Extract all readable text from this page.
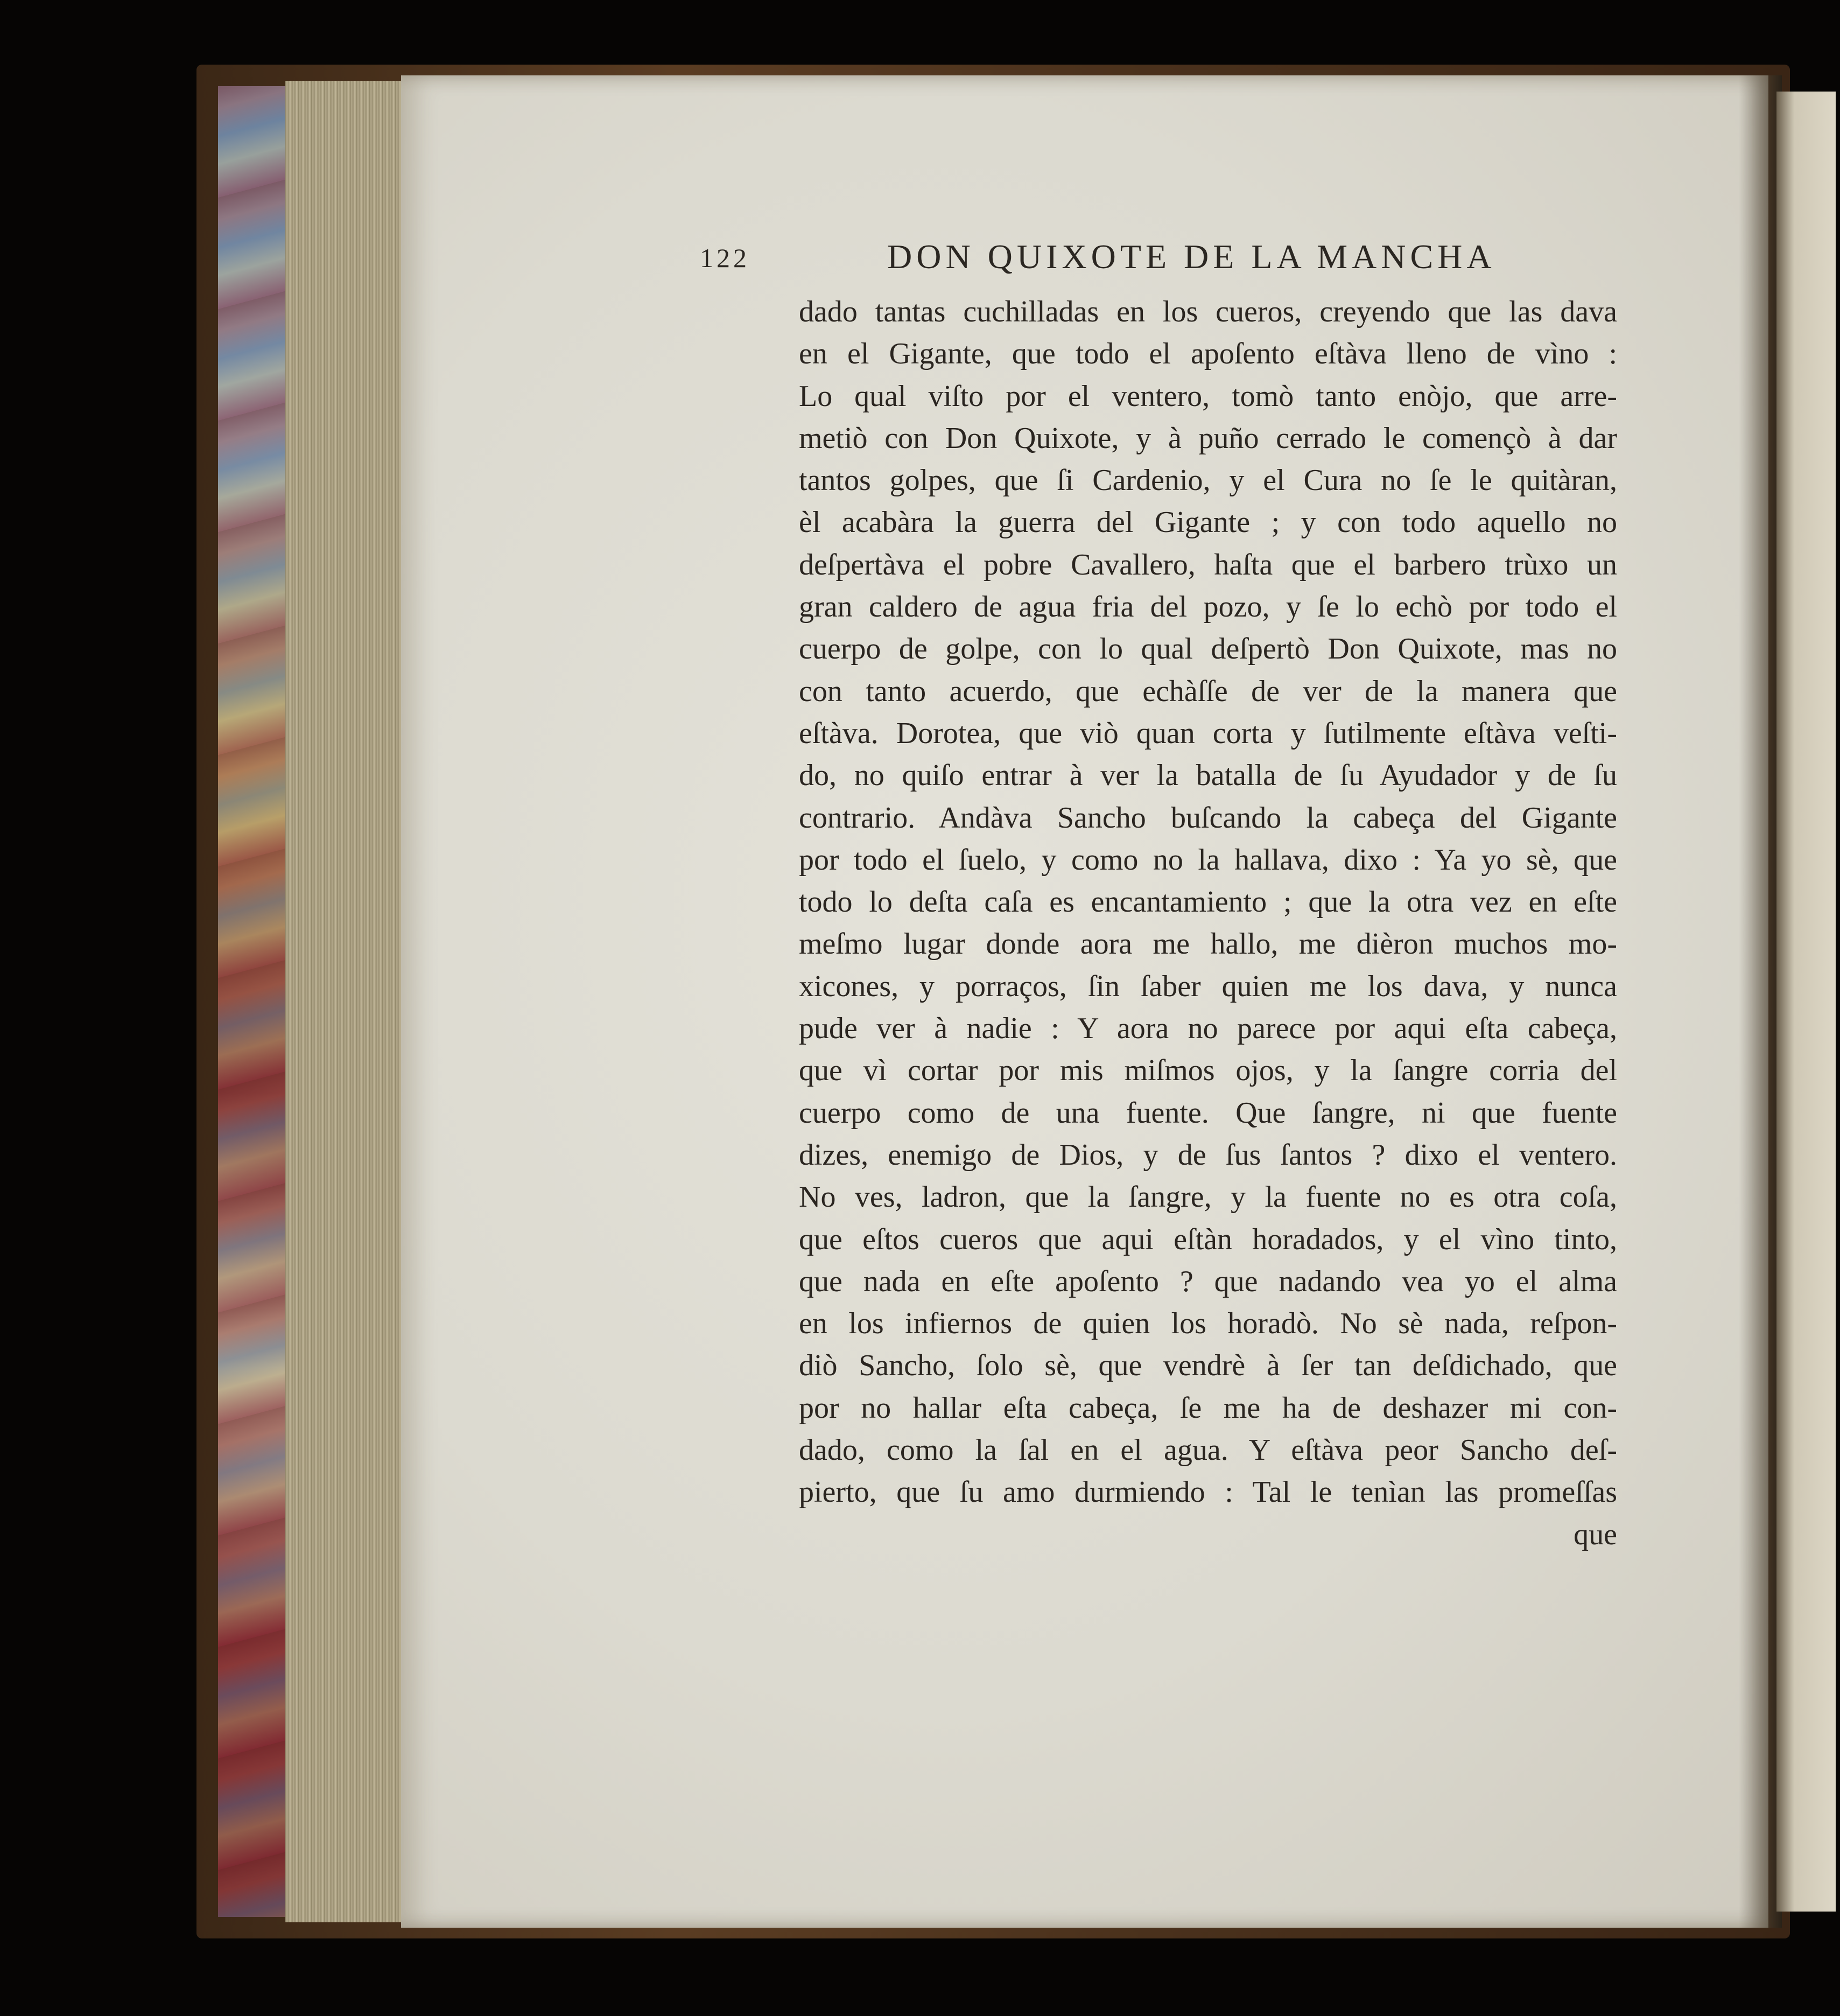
122	DON QUIXOTE DE LA MANCHA
dado tantas cuchilladas en los cueros, creyendo que las dava
en el Gigante, que todo el apoſento eſtàva lleno de vìno :
Lo qual viſto por el ventero, tomò tanto enòjo, que arre-
metiò con Don Quixote, y à puño cerrado le començò à dar
tantos golpes, que ſi Cardenio, y el Cura no ſe le quitàran,
èl acabàra la guerra del Gigante ; y con todo aquello no
deſpertàva el pobre Cavallero, haſta que el barbero trùxo un
gran caldero de agua fria del pozo, y ſe lo echò por todo el
cuerpo de golpe, con lo qual deſpertò Don Quixote, mas no
con tanto acuerdo, que echàſſe de ver de la manera que
eſtàva. Dorotea, que viò quan corta y ſutilmente eſtàva veſti-
do, no quiſo entrar à ver la batalla de ſu Ayudador y de ſu
contrario. Andàva Sancho buſcando la cabeça del Gigante
por todo el ſuelo, y como no la hallava, dixo : Ya yo sè, que
todo lo deſta caſa es encantamiento ; que la otra vez en eſte
meſmo lugar donde aora me hallo, me dièron muchos mo-
xicones, y porraços, ſin ſaber quien me los dava, y nunca
pude ver à nadie : Y aora no parece por aqui eſta cabeça,
que vì cortar por mis miſmos ojos, y la ſangre corria del
cuerpo como de una fuente. Que ſangre, ni que fuente
dizes, enemigo de Dios, y de ſus ſantos ? dixo el ventero.
No ves, ladron, que la ſangre, y la fuente no es otra coſa,
que eſtos cueros que aqui eſtàn horadados, y el vìno tinto,
que nada en eſte apoſento ? que nadando vea yo el alma
en los infiernos de quien los horadò. No sè nada, reſpon-
diò Sancho, ſolo sè, que vendrè à ſer tan deſdichado, que
por no hallar eſta cabeça, ſe me ha de deshazer mi con-
dado, como la ſal en el agua. Y eſtàva peor Sancho deſ-
pierto, que ſu amo durmiendo : Tal le tenìan las promeſſas
que
